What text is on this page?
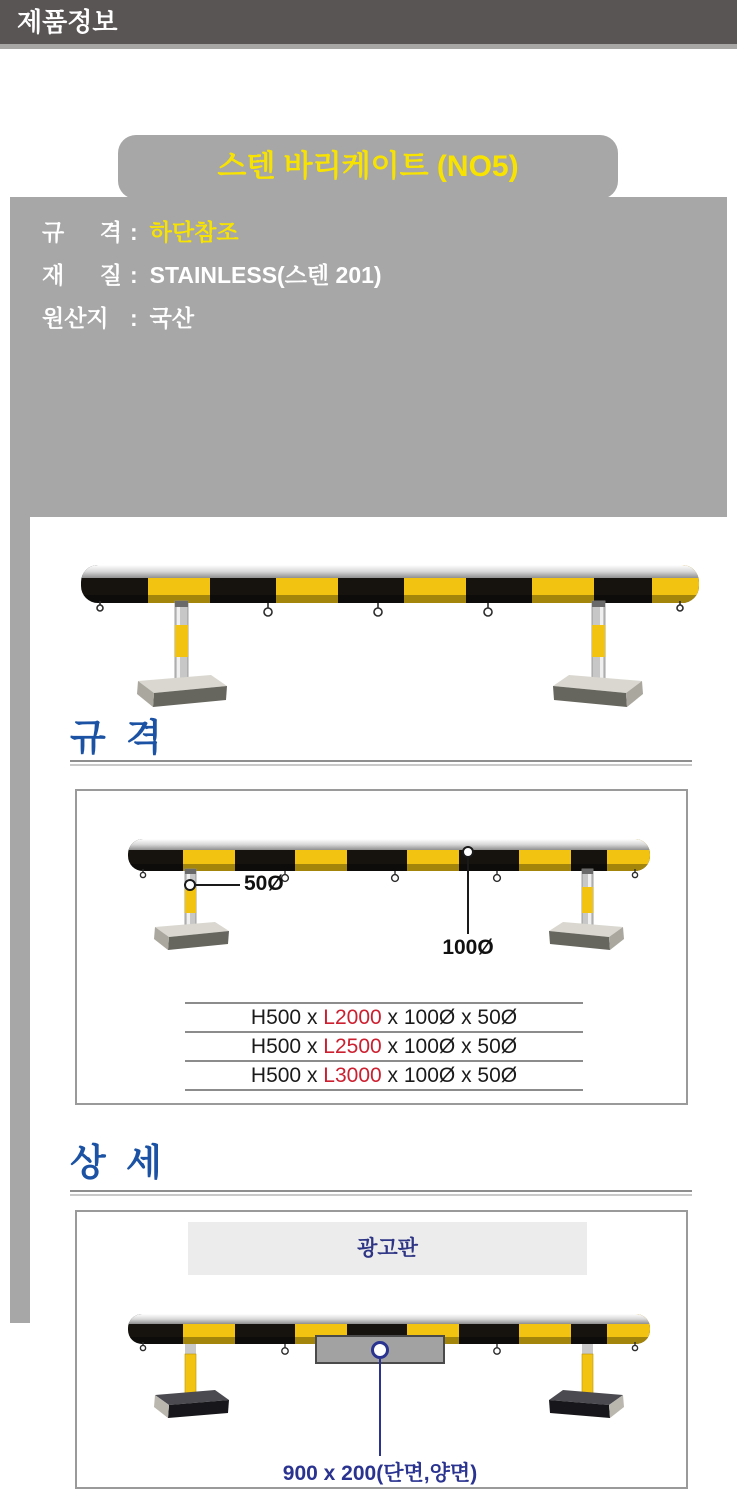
제품정보
스텐 바리케이트 (NO5)
규 격 : 하단참조
재 질 : STAINLESS(스텐 201)
원산지 : 국산
규 격
50Ø
100Ø
H500 x L2000 x 100Ø x 50Ø
H500 x L2500 x 100Ø x 50Ø
H500 x L3000 x 100Ø x 50Ø
상 세
광고판
900 x 200(단면,양면)
